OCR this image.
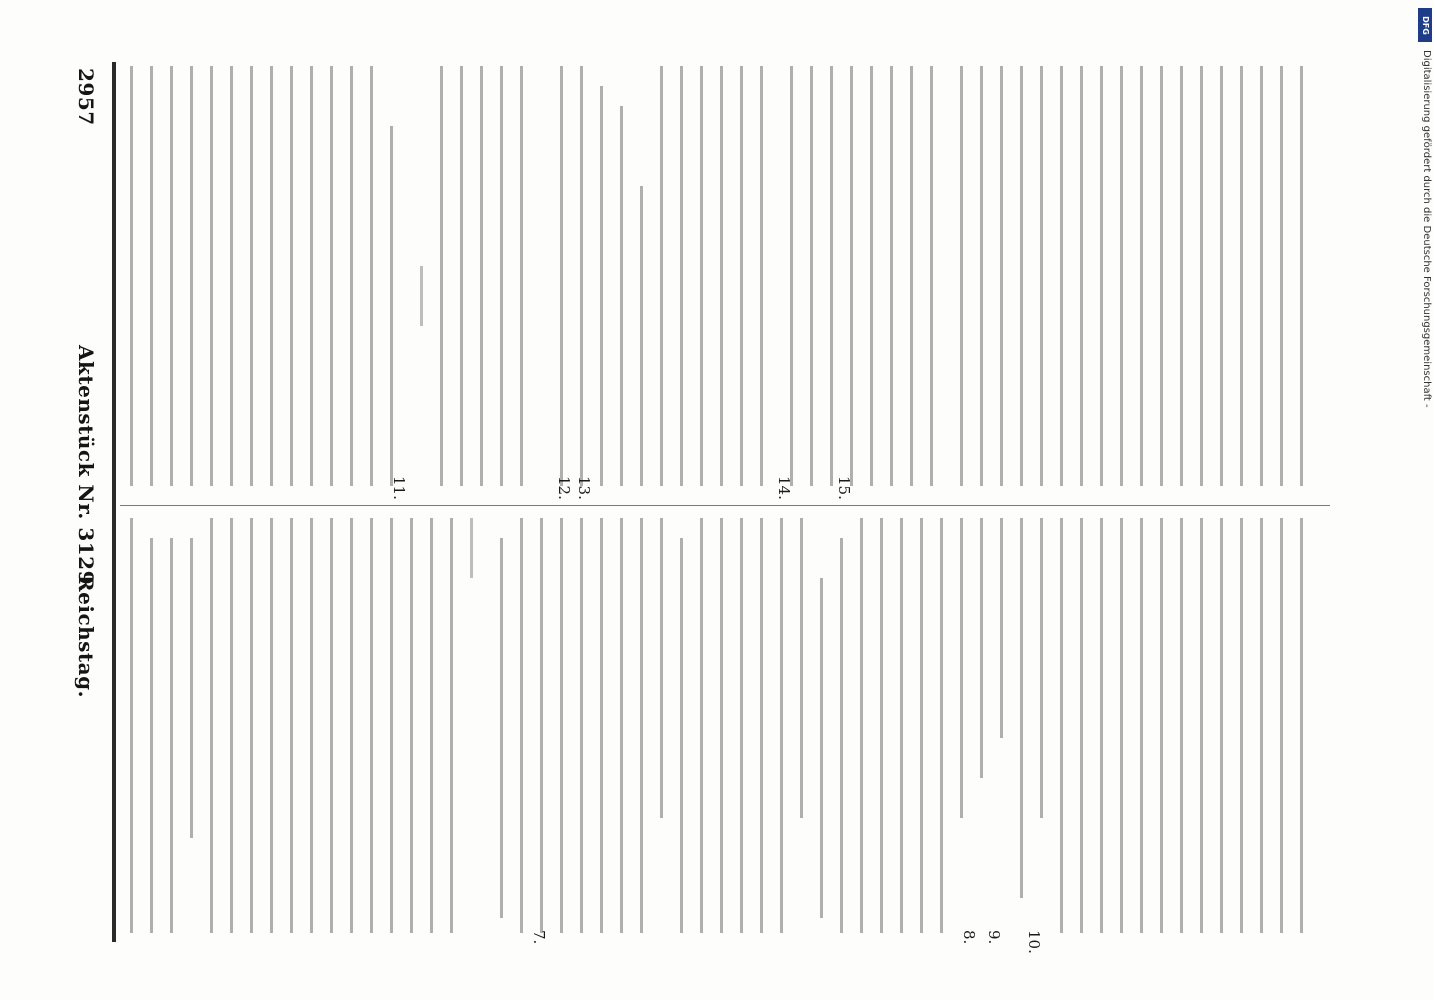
Reichstag.
Aktenstück Nr. 3129.
2957
7.	8. 9. 10.
11.	12. 13.	14.	15.
Digitalisierung gefördert durch die Deutsche Forschungsgemeinschaft -
DFG
